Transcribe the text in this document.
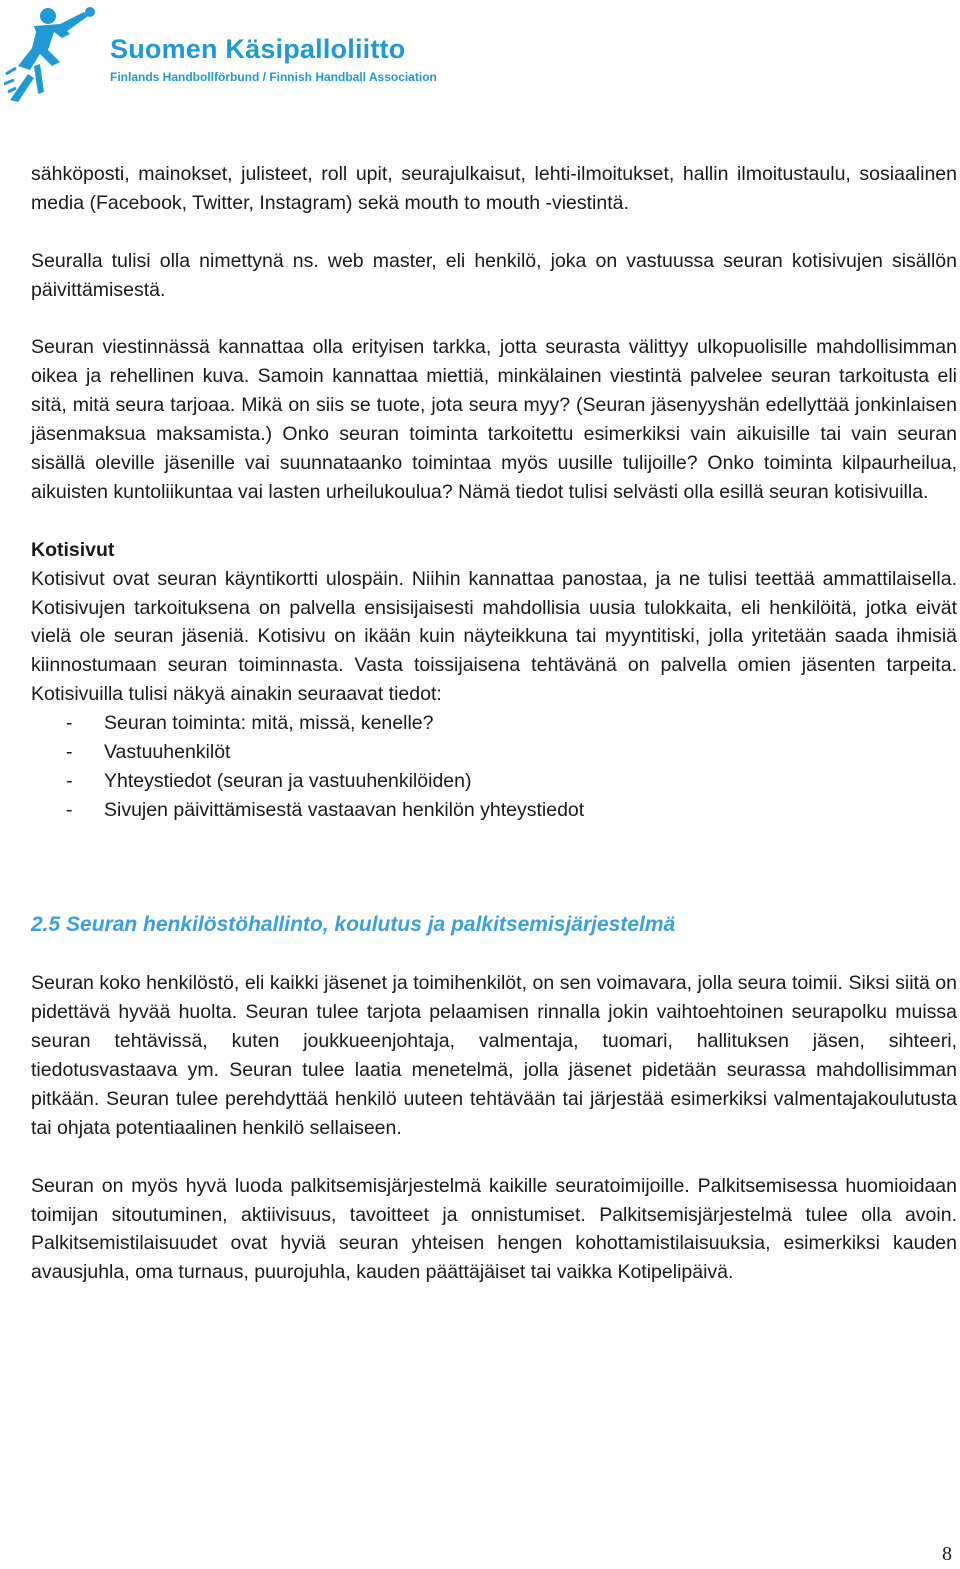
Suomen Käsipalloliitto
Finlands Handbollförbund / Finnish Handball Association

sähköposti, mainokset, julisteet, roll upit, seurajulkaisut, lehti-ilmoitukset, hallin ilmoitustaulu, sosiaalinen media (Facebook, Twitter, Instagram) sekä mouth to mouth -viestintä.

Seuralla tulisi olla nimettynä ns. web master, eli henkilö, joka on vastuussa seuran kotisivujen sisällön päivittämisestä.

Seuran viestinnässä kannattaa olla erityisen tarkka, jotta seurasta välittyy ulkopuolisille mahdollisimman oikea ja rehellinen kuva. Samoin kannattaa miettiä, minkälainen viestintä palvelee seuran tarkoitusta eli sitä, mitä seura tarjoaa. Mikä on siis se tuote, jota seura myy? (Seuran jäsenyyshän edellyttää jonkinlaisen jäsenmaksua maksamista.) Onko seuran toiminta tarkoitettu esimerkiksi vain aikuisille tai vain seuran sisällä oleville jäsenille vai suunnataanko toimintaa myös uusille tulijoille? Onko toiminta kilpaurheilua, aikuisten kuntoliikuntaa vai lasten urheilukoulua? Nämä tiedot tulisi selvästi olla esillä seuran kotisivuilla.

Kotisivut

Kotisivut ovat seuran käyntikortti ulospäin. Niihin kannattaa panostaa, ja ne tulisi teettää ammattilaisella. Kotisivujen tarkoituksena on palvella ensisijaisesti mahdollisia uusia tulokkaita, eli henkilöitä, jotka eivät vielä ole seuran jäseniä. Kotisivu on ikään kuin näyteikkuna tai myyntitiski, jolla yritetään saada ihmisiä kiinnostumaan seuran toiminnasta. Vasta toissijaisena tehtävänä on palvella omien jäsenten tarpeita. Kotisivuilla tulisi näkyä ainakin seuraavat tiedot:

- Seuran toiminta: mitä, missä, kenelle?
- Vastuuhenkilöt
- Yhteystiedot (seuran ja vastuuhenkilöiden)
- Sivujen päivittämisestä vastaavan henkilön yhteystiedot

2.5 Seuran henkilöstöhallinto, koulutus ja palkitsemisjärjestelmä

Seuran koko henkilöstö, eli kaikki jäsenet ja toimihenkilöt, on sen voimavara, jolla seura toimii. Siksi siitä on pidettävä hyvää huolta. Seuran tulee tarjota pelaamisen rinnalla jokin vaihtoehtoinen seurapolku muissa seuran tehtävissä, kuten joukkueenjohtaja, valmentaja, tuomari, hallituksen jäsen, sihteeri, tiedotusvastaava ym. Seuran tulee laatia menetelmä, jolla jäsenet pidetään seurassa mahdollisimman pitkään. Seuran tulee perehdyttää henkilö uuteen tehtävään tai järjestää esimerkiksi valmentajakoulutusta tai ohjata potentiaalinen henkilö sellaiseen.

Seuran on myös hyvä luoda palkitsemisjärjestelmä kaikille seuratoimijoille. Palkitsemisessa huomioidaan toimijan sitoutuminen, aktiivisuus, tavoitteet ja onnistumiset. Palkitsemisjärjestelmä tulee olla avoin. Palkitsemistilaisuudet ovat hyviä seuran yhteisen hengen kohottamistilaisuuksia, esimerkiksi kauden avausjuhla, oma turnaus, puurojuhla, kauden päättäjäiset tai vaikka Kotipelipäivä.

8
